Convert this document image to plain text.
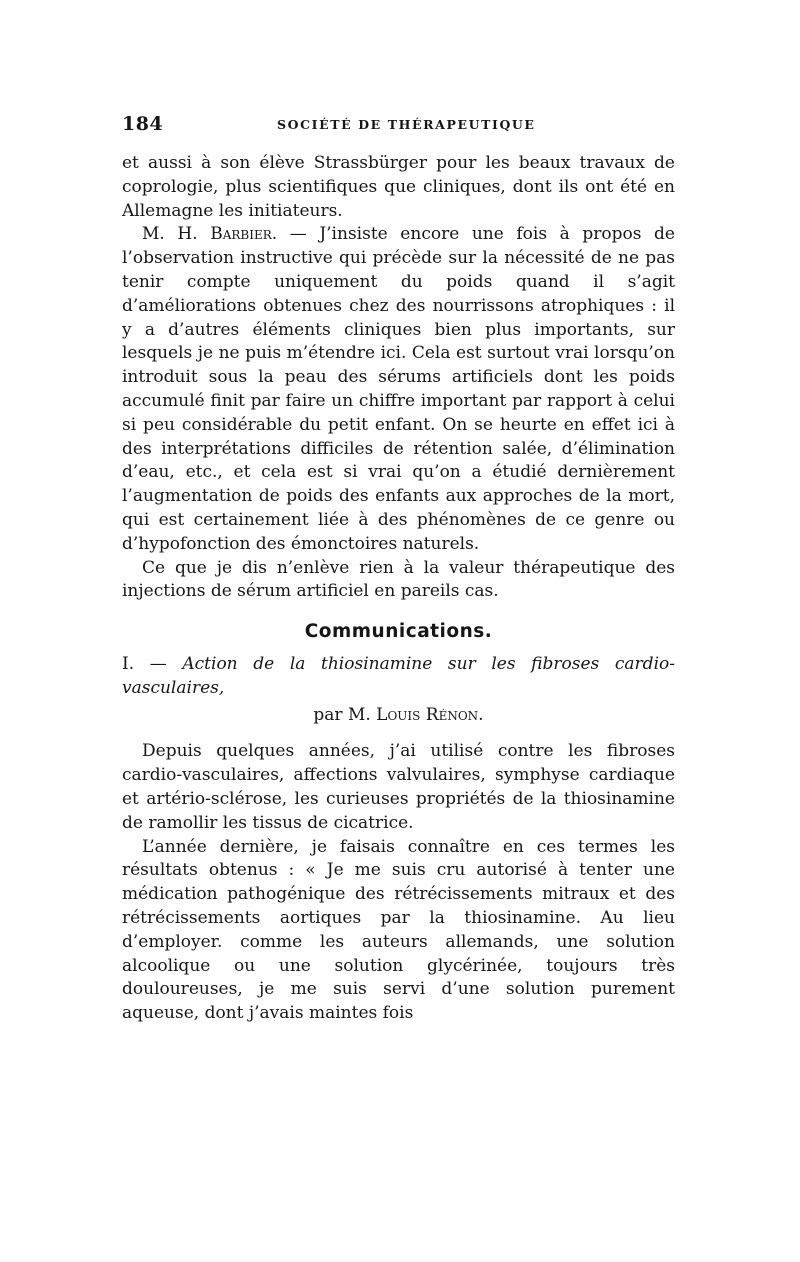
184	SOCIÉTÉ DE THÉRAPEUTIQUE

et aussi à son élève Strassbürger pour les beaux travaux de coprologie, plus scientifiques que cliniques, dont ils ont été en Allemagne les initiateurs.

M. H. Barbier. — J’insiste encore une fois à propos de l’observation instructive qui précède sur la nécessité de ne pas tenir compte uniquement du poids quand il s’agit d’améliorations obtenues chez des nourrissons atrophiques : il y a d’autres éléments cliniques bien plus importants, sur lesquels je ne puis m’étendre ici. Cela est surtout vrai lorsqu’on introduit sous la peau des sérums artificiels dont les poids accumulé finit par faire un chiffre important par rapport à celui si peu considérable du petit enfant. On se heurte en effet ici à des interprétations difficiles de rétention salée, d’élimination d’eau, etc., et cela est si vrai qu’on a étudié dernièrement l’augmentation de poids des enfants aux approches de la mort, qui est certainement liée à des phénomènes de ce genre ou d’hypofonction des émonctoires naturels.

Ce que je dis n’enlève rien à la valeur thérapeutique des injections de sérum artificiel en pareils cas.

Communications.

I. — Action de la thiosinamine sur les fibroses cardio-vasculaires,

par M. Louis Rénon.

Depuis quelques années, j’ai utilisé contre les fibroses cardio-vasculaires, affections valvulaires, symphyse cardiaque et artério-sclérose, les curieuses propriétés de la thiosinamine de ramollir les tissus de cicatrice.

L’année dernière, je faisais connaître en ces termes les résultats obtenus : « Je me suis cru autorisé à tenter une médication pathogénique des rétrécissements mitraux et des rétrécissements aortiques par la thiosinamine. Au lieu d’employer. comme les auteurs allemands, une solution alcoolique ou une solution glycérinée, toujours très douloureuses, je me suis servi d’une solution purement aqueuse, dont j’avais maintes fois
